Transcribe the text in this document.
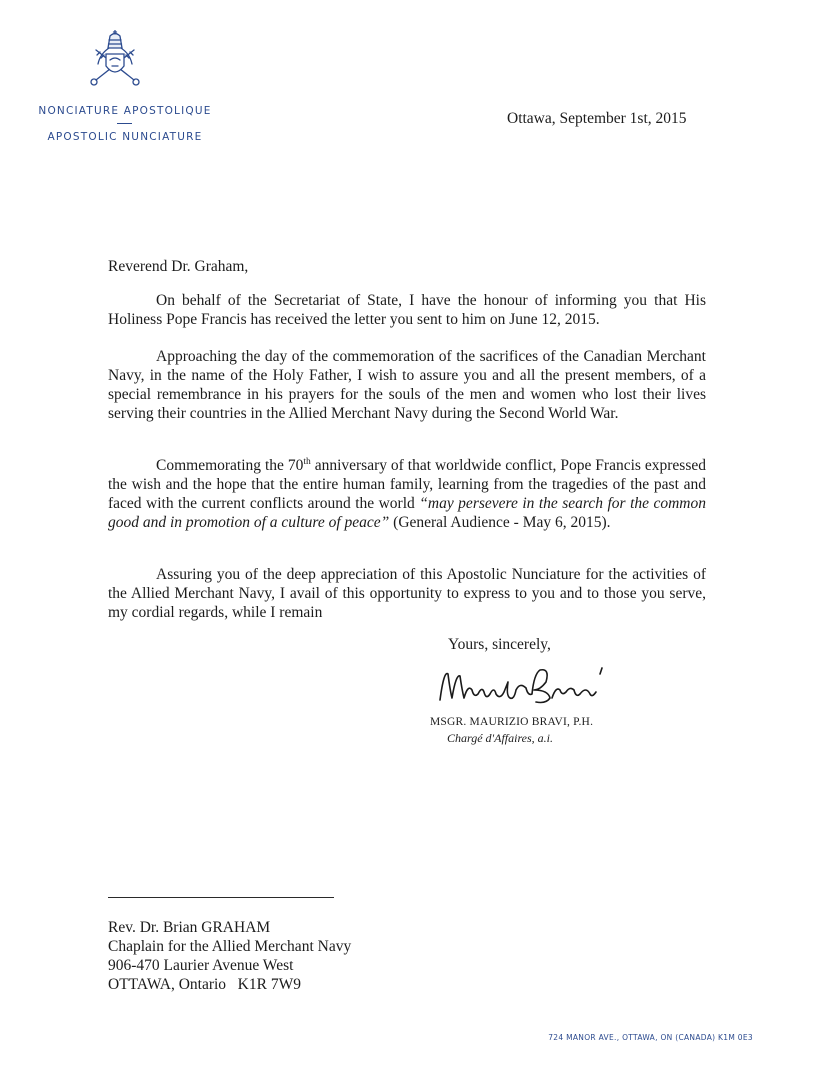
NONCIATURE APOSTOLIQUE
APOSTOLIC NUNCIATURE
Ottawa, September 1st, 2015
Reverend Dr. Graham,
On behalf of the Secretariat of State, I have the honour of informing you that His Holiness Pope Francis has received the letter you sent to him on June 12, 2015.
Approaching the day of the commemoration of the sacrifices of the Canadian Merchant Navy, in the name of the Holy Father, I wish to assure you and all the present members, of a special remembrance in his prayers for the souls of the men and women who lost their lives serving their countries in the Allied Merchant Navy during the Second World War.
Commemorating the 70th anniversary of that worldwide conflict, Pope Francis expressed the wish and the hope that the entire human family, learning from the tragedies of the past and faced with the current conflicts around the world “may persevere in the search for the common good and in promotion of a culture of peace” (General Audience - May 6, 2015).
Assuring you of the deep appreciation of this Apostolic Nunciature for the activities of the Allied Merchant Navy, I avail of this opportunity to express to you and to those you serve, my cordial regards, while I remain
Yours, sincerely,
MSGR. MAURIZIO BRAVI, P.H.
Chargé d'Affaires, a.i.
Rev. Dr. Brian GRAHAM
Chaplain for the Allied Merchant Navy
906-470 Laurier Avenue West
OTTAWA, Ontario   K1R 7W9
724 MANOR AVE., OTTAWA, ON (CANADA) K1M 0E3
